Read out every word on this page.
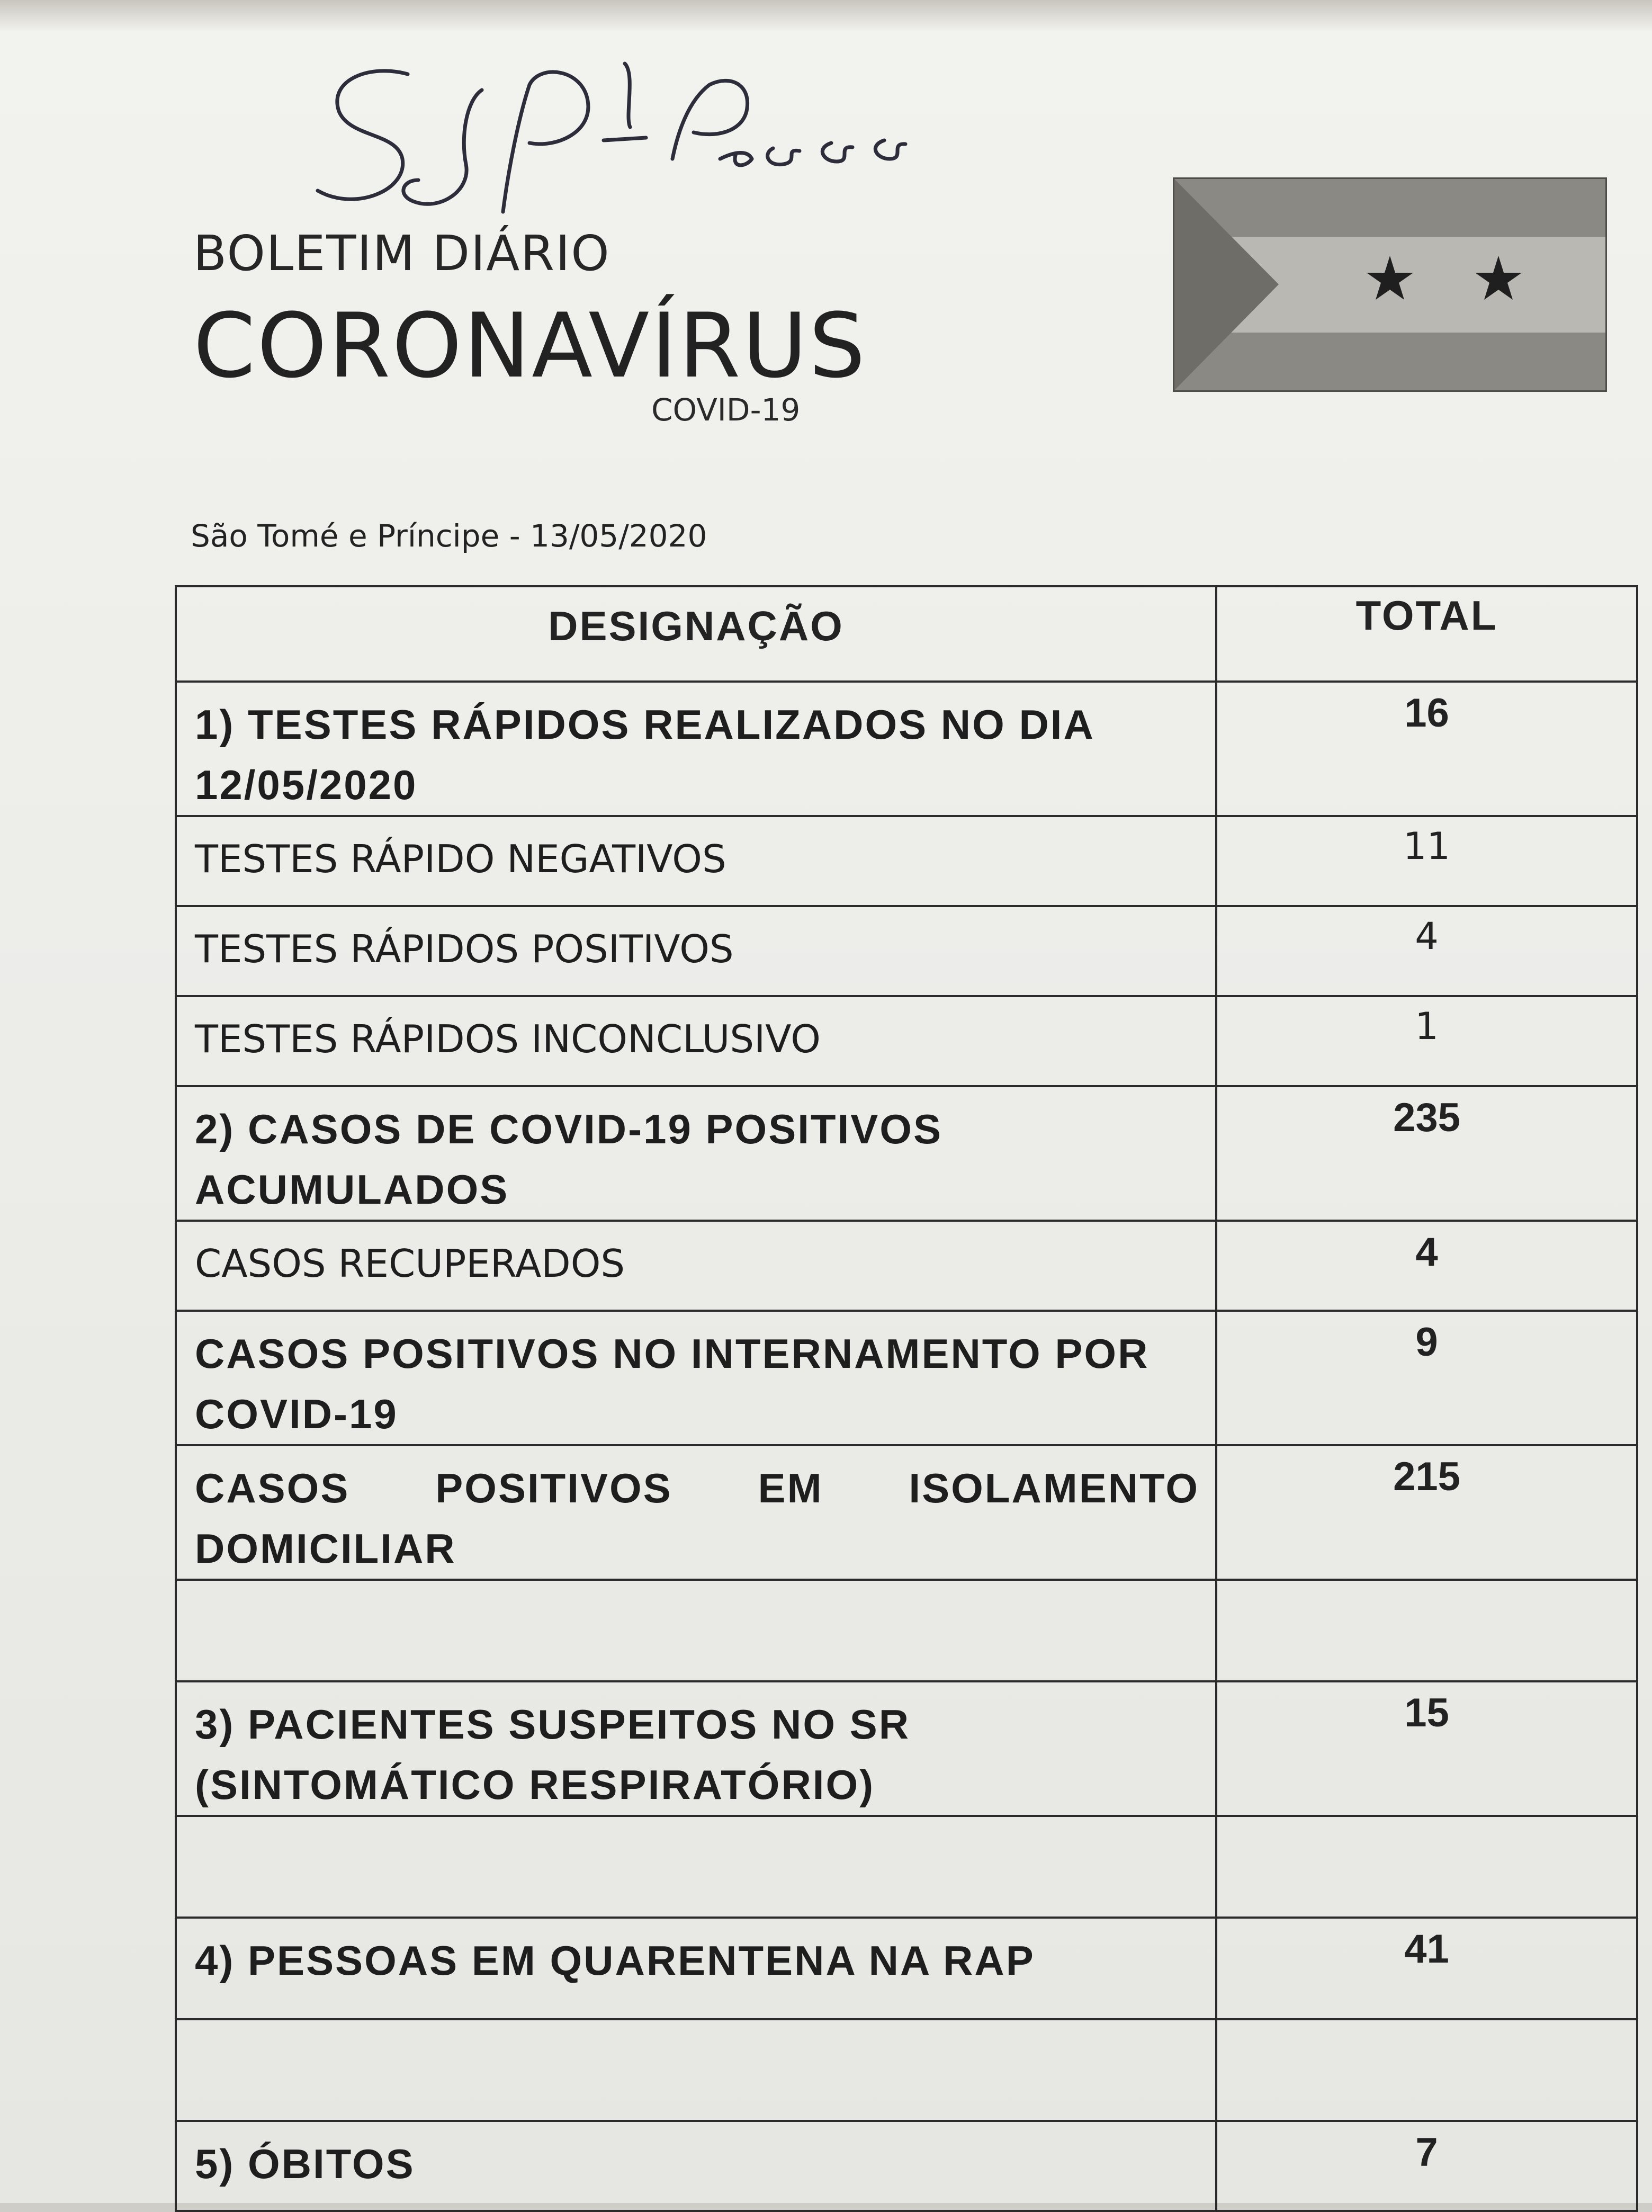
BOLETIM DIÁRIO
CORONAVÍRUS
COVID-19
São Tomé e Príncipe - 13/05/2020
DESIGNAÇÃO	TOTAL
1) TESTES RÁPIDOS REALIZADOS NO DIA
12/05/2020	16
TESTES RÁPIDO NEGATIVOS	11
TESTES RÁPIDOS POSITIVOS	4
TESTES RÁPIDOS INCONCLUSIVO	1
2) CASOS DE COVID-19 POSITIVOS
ACUMULADOS	235
CASOS RECUPERADOS	4
CASOS POSITIVOS NO INTERNAMENTO POR
COVID-19	9
CASOS POSITIVOS EM ISOLAMENTO
DOMICILIAR	215

3) PACIENTES SUSPEITOS NO SR
(SINTOMÁTICO RESPIRATÓRIO)	15

4) PESSOAS EM QUARENTENA NA RAP	41

5) ÓBITOS	7
